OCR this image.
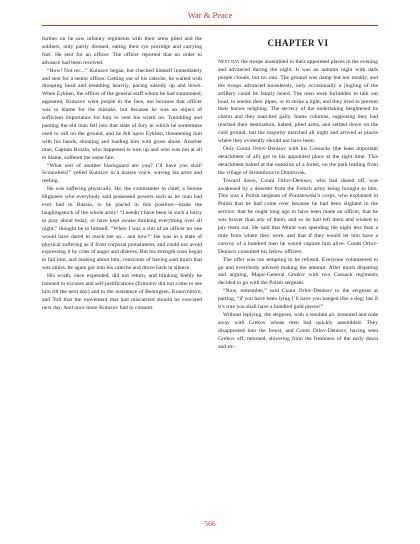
War & Peace

further on he saw infantry regiments with their arms piled and the soldiers, only partly dressed, eating their rye porridge and carrying fuel. He sent for an officer. The officer reported that no order to advance had been received.

“How! Not rec...” Kutuzov began, but checked himself immediately and sent for a senior officer. Getting out of his caleche, he waited with drooping head and breathing heavily, pacing silently up and down. When Eykhen, the officer of the general staff whom he had summoned, appeared, Kutuzov went purple in the face, not because that officer was to blame for the mistake, but because he was an object of sufficient importance for him to vent his wrath on. Trembling and panting the old man fell into that state of fury in which he sometimes used to roll on the ground, and he fell upon Eykhen, threatening him with his hands, shouting and loading him with gross abuse. Another man, Captain Brozin, who happened to turn up and who was not at all to blame, suffered the same fate.

“What sort of another blackguard are you? I’ll have you shot! Scoundrels!” yelled Kutuzov in a hoarse voice, waving his arms and reeling.

He was suffering physically. He, the commander in chief, a Serene Highness who everybody said possessed powers such as no man had ever had in Russia, to be placed in this position—made the laughingstock of the whole army! “I needn’t have been in such a hurry to pray about today, or have kept awake thinking everything over all night,” thought he to himself. “When I was a chit of an officer no one would have dared to mock me so... and now!” He was in a state of physical suffering as if from corporal punishment, and could not avoid expressing it by cries of anger and distress. But his strength soon began to fail him, and looking about him, conscious of having said much that was amiss, he again got into his caleche and drove back in silence.

His wrath, once expended, did not return, and blinking feebly he listened to excuses and self-justifications (Ermolov did not come to see him till the next day) and to the insistence of Bennigsen, Konovnitsyn, and Toll that the movement that had miscarried should be executed next day. And once more Kutuzov had to consent.

CHAPTER VI

Next day the troops assembled in their appointed places in the evening and advanced during the night. It was an autumn night with dark purple clouds, but no rain. The ground was damp but not muddy, and the troops advanced noiselessly, only occasionally a jingling of the artillery could be faintly heard. The men were forbidden to talk out loud, to smoke their pipes, or to strike a light, and they tried to prevent their horses neighing. The secrecy of the undertaking heightened its charm and they marched gaily. Some columns, supposing they had reached their destination, halted, piled arms, and settled down on the cold ground, but the majority marched all night and arrived at places where they evidently should not have been.

Only Count Orlov-Denisov with his Cossacks (the least important detachment of all) got to his appointed place at the right time. This detachment halted at the outskirts of a forest, on the path leading from the village of Stromilova to Dmitrovsk.

Toward dawn, Count Orlov-Denisov, who had dozed off, was awakened by a deserter from the French army being brought to him. This was a Polish sergeant of Poniatowski’s corps, who explained in Polish that he had come over because he had been slighted in the service: that he ought long ago to have been made an officer, that he was braver than any of them, and so he had left them and wished to pay them out. He said that Murat was spending the night less than a mile from where they were, and that if they would let him have a convoy of a hundred men he would capture him alive. Count Orlov-Denisov consulted his fellow officers.

The offer was too tempting to be refused. Everyone volunteered to go and everybody advised making the attempt. After much disputing and arguing, Major-General Grekov with two Cossack regiments decided to go with the Polish sergeant.

“Now, remember,” said Count Orlov-Denisov to the sergeant at parting, “if you have been lying I’ll have you hanged like a dog; but if it’s true you shall have a hundred gold pieces!”

Without replying, the sergeant, with a resolute air, mounted and rode away with Grekov whose men had quickly assembled. They disappeared into the forest, and Count Orlov-Denisov, having seen Grekov off, returned, shivering from the freshness of the early dawn and ex-

566
